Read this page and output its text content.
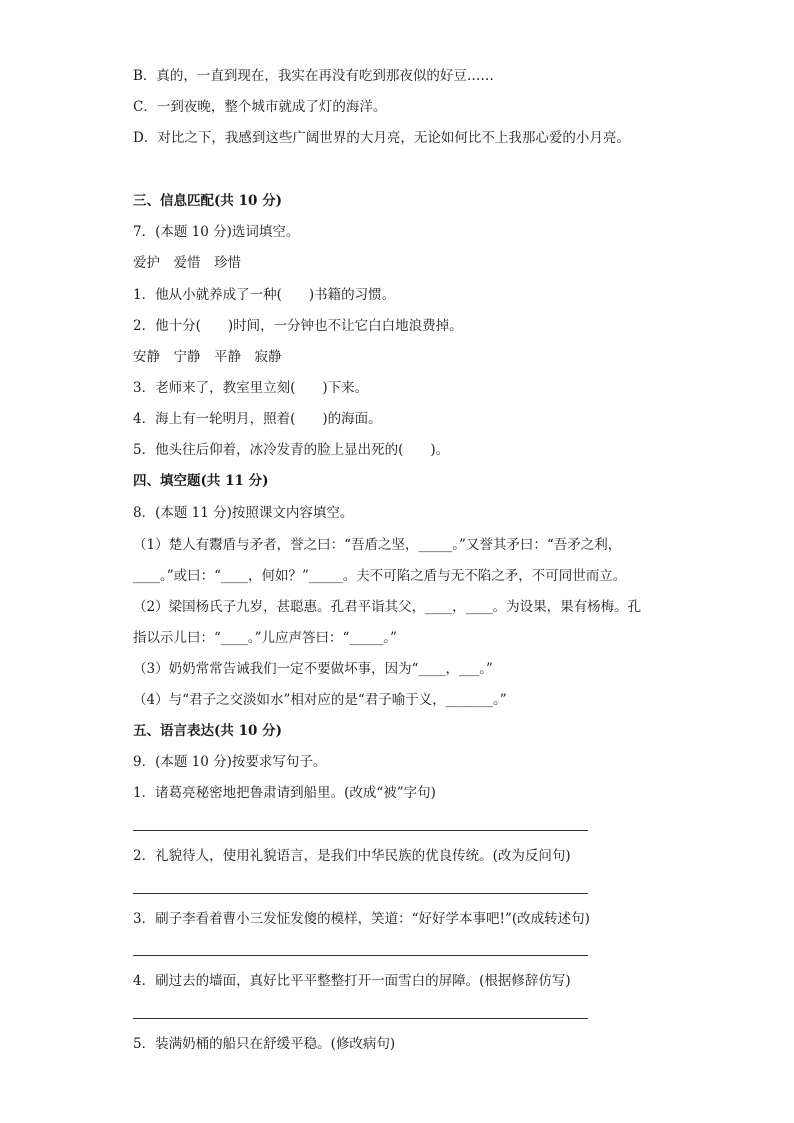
B．真的，一直到现在，我实在再没有吃到那夜似的好豆……
C．一到夜晚，整个城市就成了灯的海洋。
D．对比之下，我感到这些广阔世界的大月亮，无论如何比不上我那心爱的小月亮。
三、信息匹配(共 10 分)
7．(本题 10 分)选词填空。
爱护　爱惜　珍惜
1．他从小就养成了一种(　　)书籍的习惯。
2．他十分(　　)时间，一分钟也不让它白白地浪费掉。
安静　宁静　平静　寂静
3．老师来了，教室里立刻(　　)下来。
4．海上有一轮明月，照着(　　)的海面。
5．他头往后仰着，冰冷发青的脸上显出死的(　　)。
四、填空题(共 11 分)
8．(本题 11 分)按照课文内容填空。
（1）楚人有鬻盾与矛者，誉之曰：“吾盾之坚，_____。”又誉其矛曰：“吾矛之利，
____。”或曰：“____，何如？”_____。夫不可陷之盾与无不陷之矛，不可同世而立。
（2）梁国杨氏子九岁，甚聪惠。孔君平诣其父，____，____。为设果，果有杨梅。孔
指以示儿曰：“____。”儿应声答曰：“_____。”
（3）奶奶常常告诫我们一定不要做坏事，因为“____，___。”
（4）与“君子之交淡如水”相对应的是“君子喻于义，_______。”
五、语言表达(共 10 分)
9．(本题 10 分)按要求写句子。
1．诸葛亮秘密地把鲁肃请到船里。(改成“被”字句)
2．礼貌待人，使用礼貌语言，是我们中华民族的优良传统。(改为反问句)
3．刷子李看着曹小三发怔发傻的模样，笑道：“好好学本事吧!”(改成转述句)
4．刷过去的墙面，真好比平平整整打开一面雪白的屏障。(根据修辞仿写)
5．装满奶桶的船只在舒缓平稳。(修改病句)
